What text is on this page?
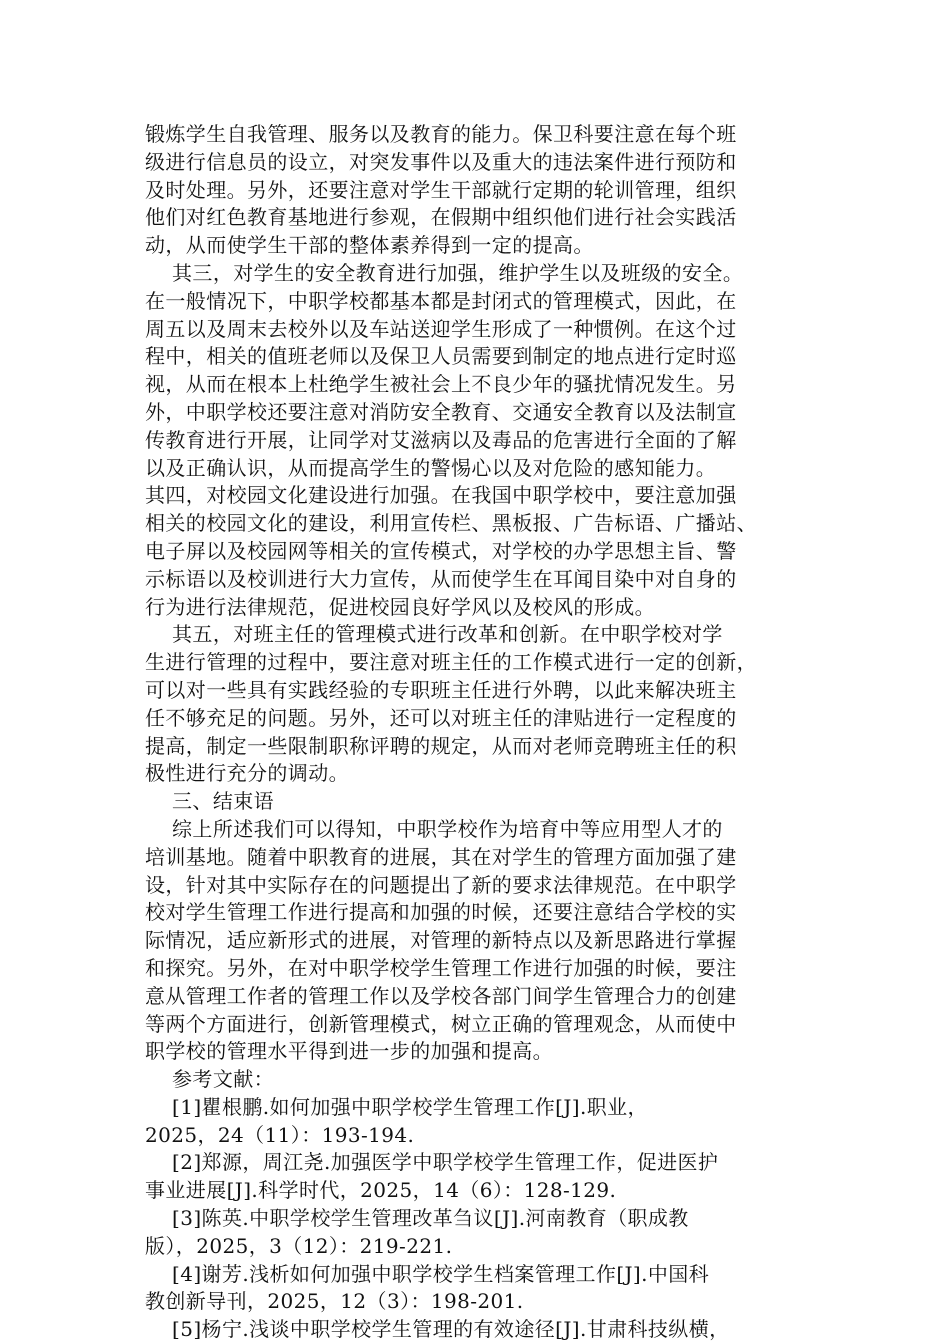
锻炼学生自我管理、服务以及教育的能力。保卫科要注意在每个班
级进行信息员的设立，对突发事件以及重大的违法案件进行预防和
及时处理。另外，还要注意对学生干部就行定期的轮训管理，组织
他们对红色教育基地进行参观，在假期中组织他们进行社会实践活
动，从而使学生干部的整体素养得到一定的提高。
其三，对学生的安全教育进行加强，维护学生以及班级的安全。
在一般情况下，中职学校都基本都是封闭式的管理模式，因此，在
周五以及周末去校外以及车站送迎学生形成了一种惯例。在这个过
程中，相关的值班老师以及保卫人员需要到制定的地点进行定时巡
视，从而在根本上杜绝学生被社会上不良少年的骚扰情况发生。另
外，中职学校还要注意对消防安全教育、交通安全教育以及法制宣
传教育进行开展，让同学对艾滋病以及毒品的危害进行全面的了解
以及正确认识，从而提高学生的警惕心以及对危险的感知能力。
其四，对校园文化建设进行加强。在我国中职学校中，要注意加强
相关的校园文化的建设，利用宣传栏、黑板报、广告标语、广播站、
电子屏以及校园网等相关的宣传模式，对学校的办学思想主旨、警
示标语以及校训进行大力宣传，从而使学生在耳闻目染中对自身的
行为进行法律规范，促进校园良好学风以及校风的形成。
其五，对班主任的管理模式进行改革和创新。在中职学校对学
生进行管理的过程中，要注意对班主任的工作模式进行一定的创新，
可以对一些具有实践经验的专职班主任进行外聘，以此来解决班主
任不够充足的问题。另外，还可以对班主任的津贴进行一定程度的
提高，制定一些限制职称评聘的规定，从而对老师竞聘班主任的积
极性进行充分的调动。
三、结束语
综上所述我们可以得知，中职学校作为培育中等应用型人才的
培训基地。随着中职教育的进展，其在对学生的管理方面加强了建
设，针对其中实际存在的问题提出了新的要求法律规范。在中职学
校对学生管理工作进行提高和加强的时候，还要注意结合学校的实
际情况，适应新形式的进展，对管理的新特点以及新思路进行掌握
和探究。另外，在对中职学校学生管理工作进行加强的时候，要注
意从管理工作者的管理工作以及学校各部门间学生管理合力的创建
等两个方面进行，创新管理模式，树立正确的管理观念，从而使中
职学校的管理水平得到进一步的加强和提高。
参考文献：
[1]瞿根鹏.如何加强中职学校学生管理工作[J].职业，
2025，24（11）：193-194.
[2]郑源，周江尧.加强医学中职学校学生管理工作，促进医护
事业进展[J].科学时代，2025，14（6）：128-129.
[3]陈英.中职学校学生管理改革刍议[J].河南教育（职成教
版），2025，3（12）：219-221.
[4]谢芳.浅析如何加强中职学校学生档案管理工作[J].中国科
教创新导刊，2025，12（3）：198-201.
[5]杨宁.浅谈中职学校学生管理的有效途径[J].甘肃科技纵横，
